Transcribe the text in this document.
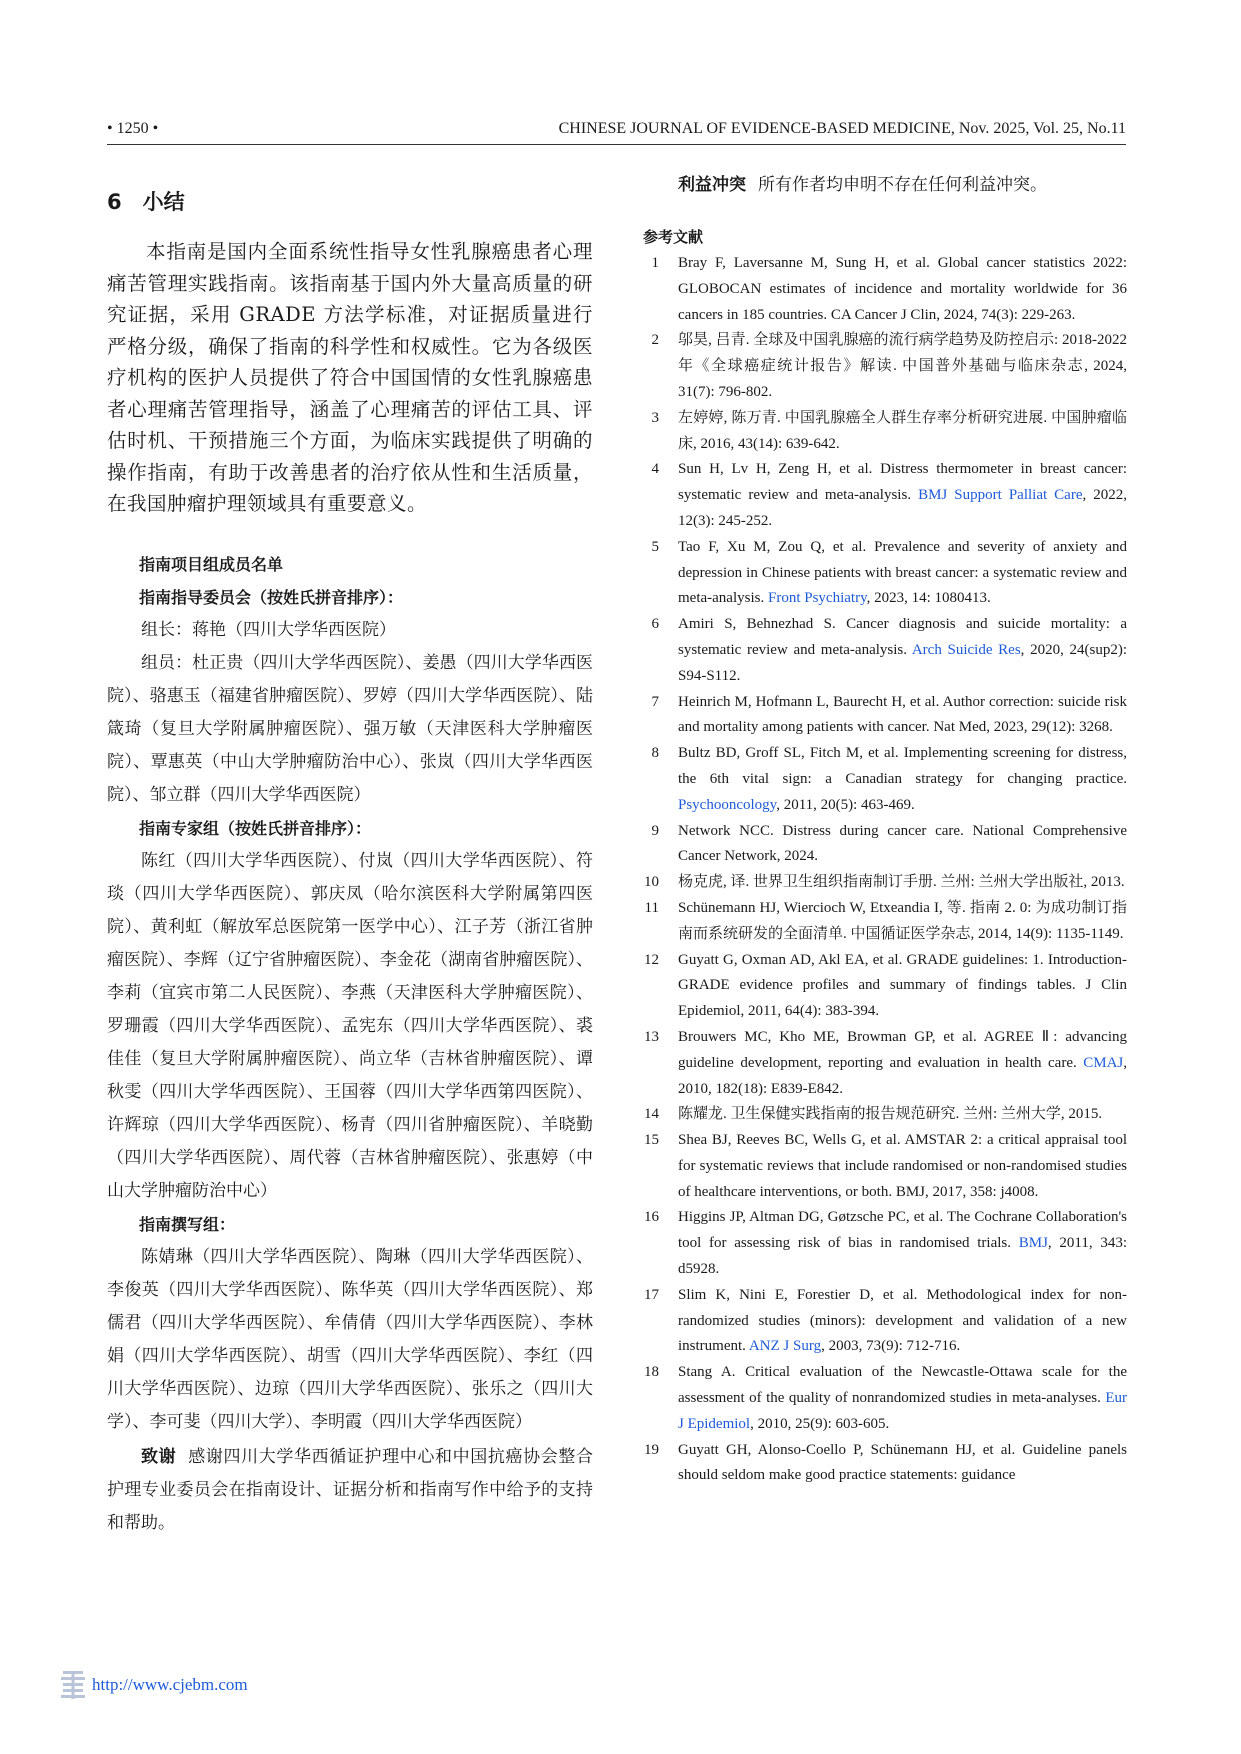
• 1250 •	CHINESE JOURNAL OF EVIDENCE-BASED MEDICINE, Nov. 2025, Vol. 25, No.11
6　小结

本指南是国内全面系统性指导女性乳腺癌患者心理痛苦管理实践指南。该指南基于国内外大量高质量的研究证据，采用 GRADE 方法学标准，对证据质量进行严格分级，确保了指南的科学性和权威性。它为各级医疗机构的医护人员提供了符合中国国情的女性乳腺癌患者心理痛苦管理指导，涵盖了心理痛苦的评估工具、评估时机、干预措施三个方面，为临床实践提供了明确的操作指南，有助于改善患者的治疗依从性和生活质量，在我国肿瘤护理领域具有重要意义。

指南项目组成员名单
指南指导委员会（按姓氏拼音排序）：
组长：蒋艳（四川大学华西医院）
组员：杜正贵（四川大学华西医院）、姜愚（四川大学华西医院）、骆惠玉（福建省肿瘤医院）、罗婷（四川大学华西医院）、陆箴琦（复旦大学附属肿瘤医院）、强万敏（天津医科大学肿瘤医院）、覃惠英（中山大学肿瘤防治中心）、张岚（四川大学华西医院）、邹立群（四川大学华西医院）
指南专家组（按姓氏拼音排序）：
陈红（四川大学华西医院）、付岚（四川大学华西医院）、符琰（四川大学华西医院）、郭庆凤（哈尔滨医科大学附属第四医院）、黄利虹（解放军总医院第一医学中心）、江子芳（浙江省肿瘤医院）、李辉（辽宁省肿瘤医院）、李金花（湖南省肿瘤医院）、李莉（宜宾市第二人民医院）、李燕（天津医科大学肿瘤医院）、罗珊霞（四川大学华西医院）、孟宪东（四川大学华西医院）、裘佳佳（复旦大学附属肿瘤医院）、尚立华（吉林省肿瘤医院）、谭秋雯（四川大学华西医院）、王国蓉（四川大学华西第四医院）、许辉琼（四川大学华西医院）、杨青（四川省肿瘤医院）、羊晓勤（四川大学华西医院）、周代蓉（吉林省肿瘤医院）、张惠婷（中山大学肿瘤防治中心）
指南撰写组：
陈婧琳（四川大学华西医院）、陶琳（四川大学华西医院）、李俊英（四川大学华西医院）、陈华英（四川大学华西医院）、郑儒君（四川大学华西医院）、牟倩倩（四川大学华西医院）、李林娟（四川大学华西医院）、胡雪（四川大学华西医院）、李红（四川大学华西医院）、边琼（四川大学华西医院）、张乐之（四川大学）、李可斐（四川大学）、李明霞（四川大学华西医院）
致谢 感谢四川大学华西循证护理中心和中国抗癌协会整合护理专业委员会在指南设计、证据分析和指南写作中给予的支持和帮助。
利益冲突 所有作者均申明不存在任何利益冲突。
参考文献
1 Bray F, Laversanne M, Sung H, et al. Global cancer statistics 2022: GLOBOCAN estimates of incidence and mortality worldwide for 36 cancers in 185 countries. CA Cancer J Clin, 2024, 74(3): 229-263.
2 邬昊, 吕青. 全球及中国乳腺癌的流行病学趋势及防控启示: 2018-2022 年《全球癌症统计报告》解读. 中国普外基础与临床杂志, 2024, 31(7): 796-802.
3 左婷婷, 陈万青. 中国乳腺癌全人群生存率分析研究进展. 中国肿瘤临床, 2016, 43(14): 639-642.
4 Sun H, Lv H, Zeng H, et al. Distress thermometer in breast cancer: systematic review and meta-analysis. BMJ Support Palliat Care, 2022, 12(3): 245-252.
5 Tao F, Xu M, Zou Q, et al. Prevalence and severity of anxiety and depression in Chinese patients with breast cancer: a systematic review and meta-analysis. Front Psychiatry, 2023, 14: 1080413.
6 Amiri S, Behnezhad S. Cancer diagnosis and suicide mortality: a systematic review and meta-analysis. Arch Suicide Res, 2020, 24(sup2): S94-S112.
7 Heinrich M, Hofmann L, Baurecht H, et al. Author correction: suicide risk and mortality among patients with cancer. Nat Med, 2023, 29(12): 3268.
8 Bultz BD, Groff SL, Fitch M, et al. Implementing screening for distress, the 6th vital sign: a Canadian strategy for changing practice. Psychooncology, 2011, 20(5): 463-469.
9 Network NCC. Distress during cancer care. National Comprehensive Cancer Network, 2024.
10 杨克虎, 译. 世界卫生组织指南制订手册. 兰州: 兰州大学出版社, 2013.
11 Schünemann HJ, Wiercioch W, Etxeandia I, 等. 指南 2. 0: 为成功制订指南而系统研发的全面清单. 中国循证医学杂志, 2014, 14(9): 1135-1149.
12 Guyatt G, Oxman AD, Akl EA, et al. GRADE guidelines: 1. Introduction-GRADE evidence profiles and summary of findings tables. J Clin Epidemiol, 2011, 64(4): 383-394.
13 Brouwers MC, Kho ME, Browman GP, et al. AGREE Ⅱ: advancing guideline development, reporting and evaluation in health care. CMAJ, 2010, 182(18): E839-E842.
14 陈耀龙. 卫生保健实践指南的报告规范研究. 兰州: 兰州大学, 2015.
15 Shea BJ, Reeves BC, Wells G, et al. AMSTAR 2: a critical appraisal tool for systematic reviews that include randomised or non-randomised studies of healthcare interventions, or both. BMJ, 2017, 358: j4008.
16 Higgins JP, Altman DG, Gøtzsche PC, et al. The Cochrane Collaboration's tool for assessing risk of bias in randomised trials. BMJ, 2011, 343: d5928.
17 Slim K, Nini E, Forestier D, et al. Methodological index for non-randomized studies (minors): development and validation of a new instrument. ANZ J Surg, 2003, 73(9): 712-716.
18 Stang A. Critical evaluation of the Newcastle-Ottawa scale for the assessment of the quality of nonrandomized studies in meta-analyses. Eur J Epidemiol, 2010, 25(9): 603-605.
19 Guyatt GH, Alonso-Coello P, Schünemann HJ, et al. Guideline panels should seldom make good practice statements: guidance
http://www.cjebm.com
